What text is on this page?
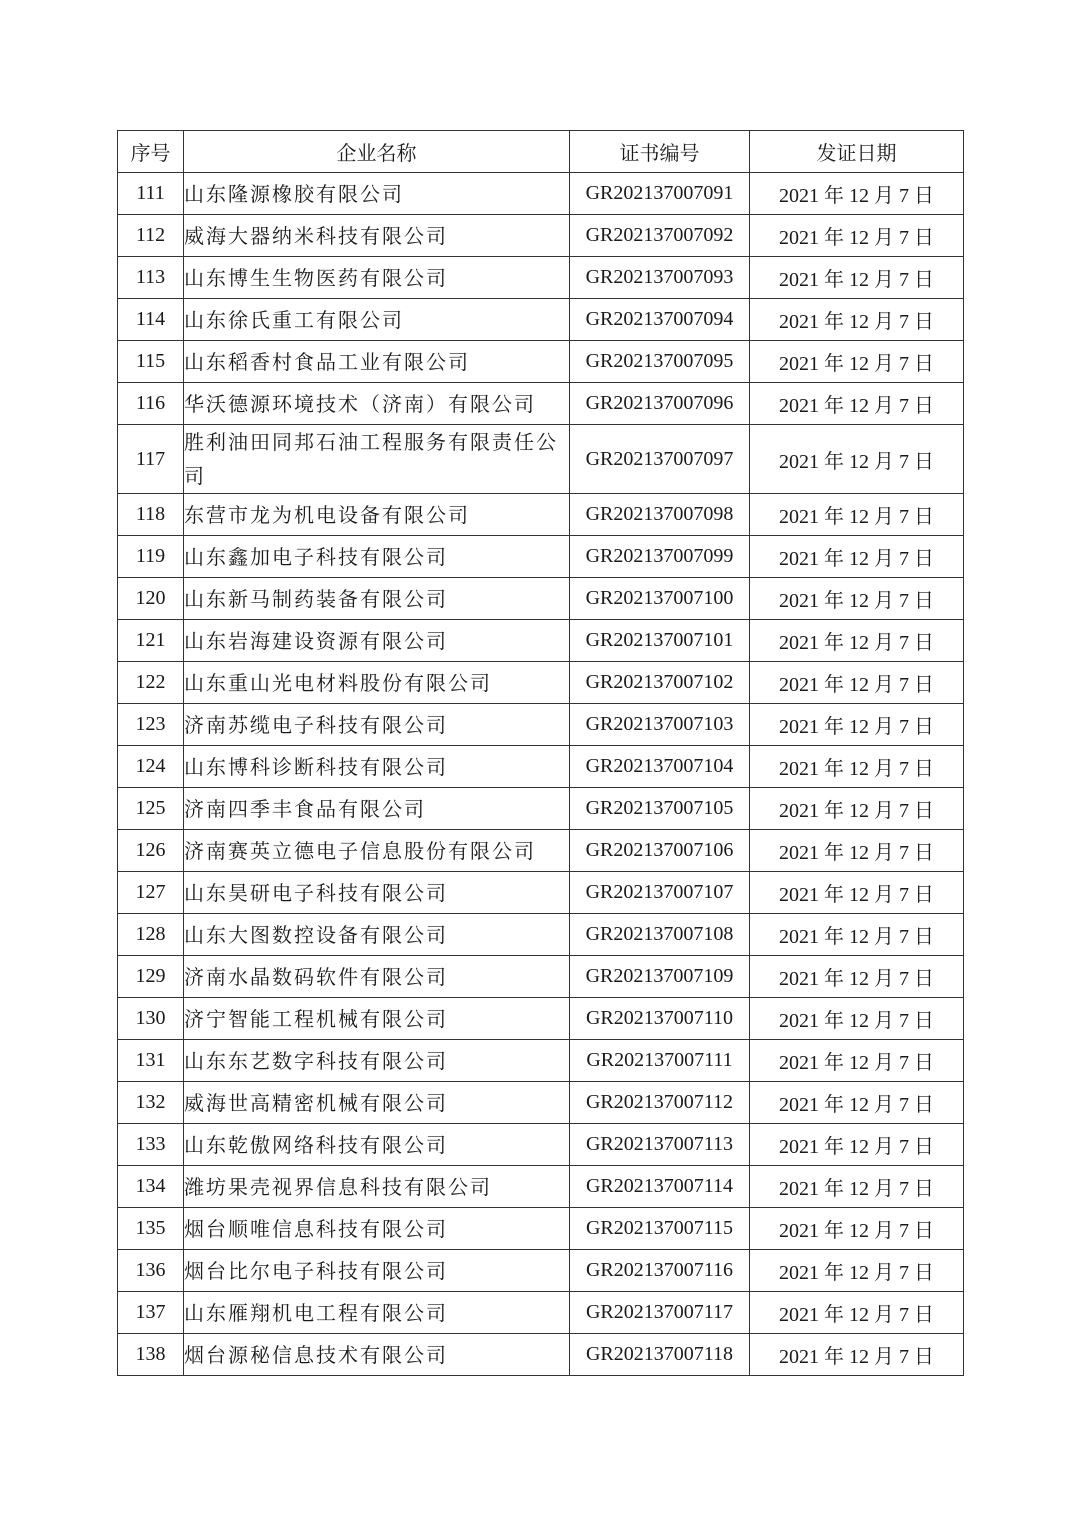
序号	企业名称	证书编号	发证日期
111	山东隆源橡胶有限公司	GR202137007091	2021 年 12 月 7 日
112	威海大器纳米科技有限公司	GR202137007092	2021 年 12 月 7 日
113	山东博生生物医药有限公司	GR202137007093	2021 年 12 月 7 日
114	山东徐氏重工有限公司	GR202137007094	2021 年 12 月 7 日
115	山东稻香村食品工业有限公司	GR202137007095	2021 年 12 月 7 日
116	华沃德源环境技术（济南）有限公司	GR202137007096	2021 年 12 月 7 日
117	胜利油田同邦石油工程服务有限责任公司	GR202137007097	2021 年 12 月 7 日
118	东营市龙为机电设备有限公司	GR202137007098	2021 年 12 月 7 日
119	山东鑫加电子科技有限公司	GR202137007099	2021 年 12 月 7 日
120	山东新马制药装备有限公司	GR202137007100	2021 年 12 月 7 日
121	山东岩海建设资源有限公司	GR202137007101	2021 年 12 月 7 日
122	山东重山光电材料股份有限公司	GR202137007102	2021 年 12 月 7 日
123	济南苏缆电子科技有限公司	GR202137007103	2021 年 12 月 7 日
124	山东博科诊断科技有限公司	GR202137007104	2021 年 12 月 7 日
125	济南四季丰食品有限公司	GR202137007105	2021 年 12 月 7 日
126	济南赛英立德电子信息股份有限公司	GR202137007106	2021 年 12 月 7 日
127	山东昊研电子科技有限公司	GR202137007107	2021 年 12 月 7 日
128	山东大图数控设备有限公司	GR202137007108	2021 年 12 月 7 日
129	济南水晶数码软件有限公司	GR202137007109	2021 年 12 月 7 日
130	济宁智能工程机械有限公司	GR202137007110	2021 年 12 月 7 日
131	山东东艺数字科技有限公司	GR202137007111	2021 年 12 月 7 日
132	威海世高精密机械有限公司	GR202137007112	2021 年 12 月 7 日
133	山东乾傲网络科技有限公司	GR202137007113	2021 年 12 月 7 日
134	潍坊果壳视界信息科技有限公司	GR202137007114	2021 年 12 月 7 日
135	烟台顺唯信息科技有限公司	GR202137007115	2021 年 12 月 7 日
136	烟台比尔电子科技有限公司	GR202137007116	2021 年 12 月 7 日
137	山东雁翔机电工程有限公司	GR202137007117	2021 年 12 月 7 日
138	烟台源秘信息技术有限公司	GR202137007118	2021 年 12 月 7 日
